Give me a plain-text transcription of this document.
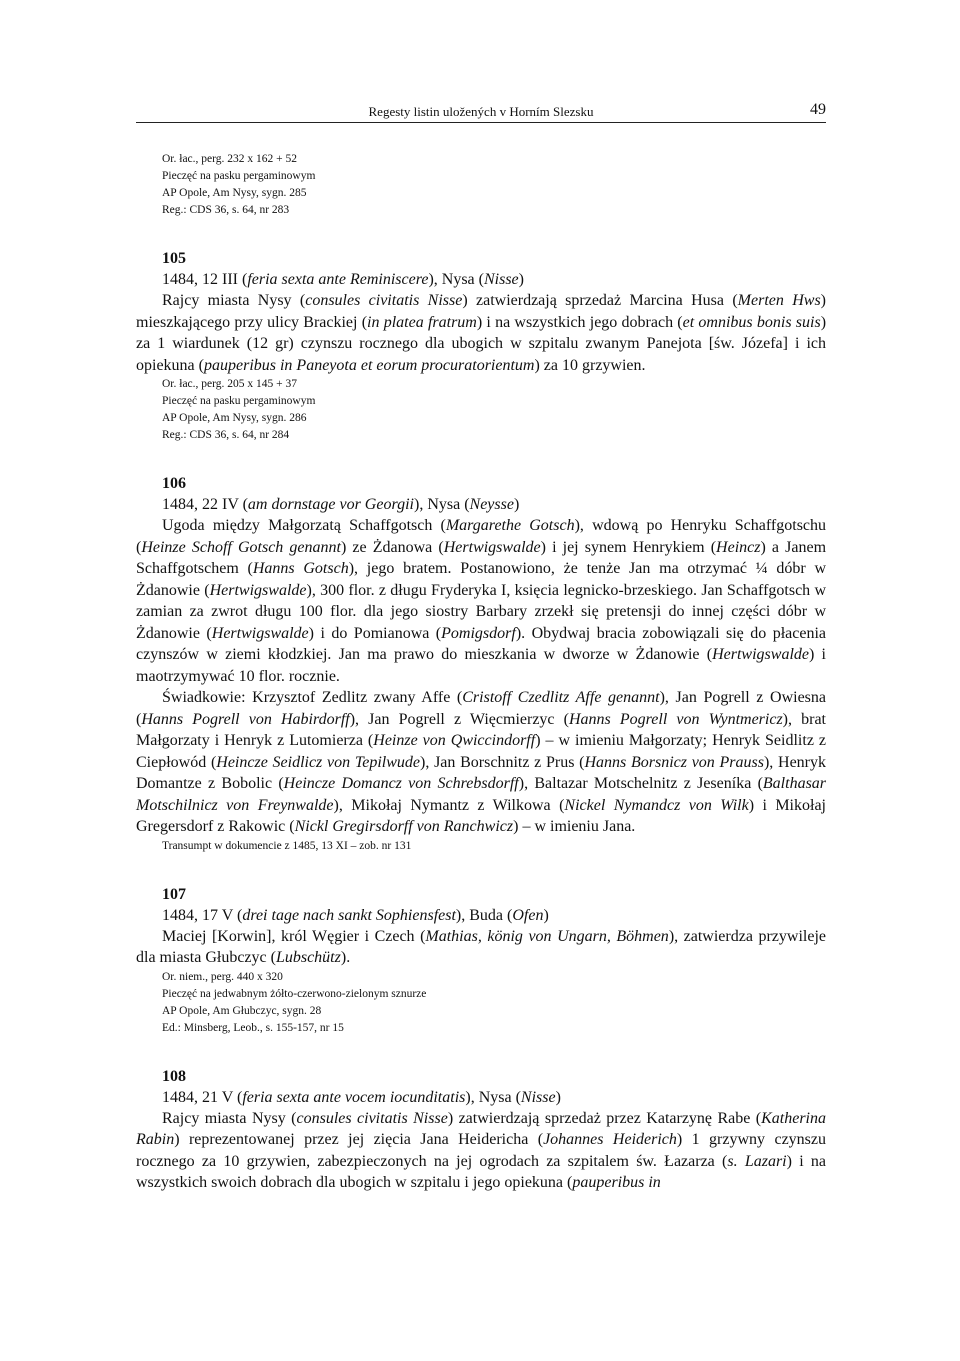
Regesty listin uložených v Horním Slezsku	49
Or. łac., perg. 232 x 162 + 52
Pieczęć na pasku pergaminowym
AP Opole, Am Nysy, sygn. 285
Reg.: CDS 36, s. 64, nr 283
105
1484, 12 III (feria sexta ante Reminiscere), Nysa (Nisse)

Rajcy miasta Nysy (consules civitatis Nisse) zatwierdzają sprzedaż Marcina Husa (Merten Hws) mieszkającego przy ulicy Brackiej (in platea fratrum) i na wszystkich jego dobrach (et omnibus bonis suis) za 1 wiardunek (12 gr) czynszu rocznego dla ubogich w szpitalu zwanym Panejota [św. Józefa] i ich opiekuna (pauperibus in Paneyota et eorum procuratorientum) za 10 grzywien.

Or. łac., perg. 205 x 145 + 37
Pieczęć na pasku pergaminowym
AP Opole, Am Nysy, sygn. 286
Reg.: CDS 36, s. 64, nr 284
106
1484, 22 IV (am dornstage vor Georgii), Nysa (Neysse)

Ugoda między Małgorzatą Schaffgotsch (Margarethe Gotsch), wdową po Henryku Schaffgotschu (Heinze Schoff Gotsch genannt) ze Żdanowa (Hertwigswalde) i jej synem Henrykiem (Heincz) a Janem Schaffgotschem (Hanns Gotsch), jego bratem. Postanowiono, że tenże Jan ma otrzymać ¼ dóbr w Żdanowie (Hertwigswalde), 300 flor. z długu Fryderyka I, księcia legnicko-brzeskiego. Jan Schaffgotsch w zamian za zwrot długu 100 flor. dla jego siostry Barbary zrzekł się pretensji do innej części dóbr w Żdanowie (Hertwigswalde) i do Pomianowa (Pomigsdorf). Obydwaj bracia zobowiązali się do płacenia czynszów w ziemi kłodzkiej. Jan ma prawo do mieszkania w dworze w Żdanowie (Hertwigswalde) i maotrzymywać 10 flor. rocznie.

Świadkowie: Krzysztof Zedlitz zwany Affe (Cristoff Czedlitz Affe genannt), Jan Pogrell z Owiesna (Hanns Pogrell von Habirdorff), Jan Pogrell z Więcmierzyc (Hanns Pogrell von Wyntmericz), brat Małgorzaty i Henryk z Lutomierza (Heinze von Qwiccindorff) – w imieniu Małgorzaty; Henryk Seidlitz z Ciepłowód (Heincze Seidlicz von Tepilwude), Jan Borschnitz z Prus (Hanns Borsnicz von Prauss), Henryk Domantze z Bobolic (Heincze Domancz von Schrebsdorff), Baltazar Motschelnitz z Jeseníka (Balthasar Motschilnicz von Freynwalde), Mikołaj Nymantz z Wilkowa (Nickel Nymandcz von Wilk) i Mikołaj Gregersdorf z Rakowic (Nickl Gregirsdorff von Ranchwicz) – w imieniu Jana.

Transumpt w dokumencie z 1485, 13 XI – zob. nr 131
107
1484, 17 V (drei tage nach sankt Sophiensfest), Buda (Ofen)

Maciej [Korwin], król Węgier i Czech (Mathias, könig von Ungarn, Böhmen), zatwierdza przywileje dla miasta Głubczyc (Lubschütz).

Or. niem., perg. 440 x 320
Pieczęć na jedwabnym żółto-czerwono-zielonym sznurze
AP Opole, Am Głubczyc, sygn. 28
Ed.: Minsberg, Leob., s. 155-157, nr 15
108
1484, 21 V (feria sexta ante vocem iocunditatis), Nysa (Nisse)

Rajcy miasta Nysy (consules civitatis Nisse) zatwierdzają sprzedaż przez Katarzynę Rabe (Katherina Rabin) reprezentowanej przez jej zięcia Jana Heidericha (Johannes Heiderich) 1 grzywny czynszu rocznego za 10 grzywien, zabezpieczonych na jej ogrodach za szpitalem św. Łazarza (s. Lazari) i na wszystkich swoich dobrach dla ubogich w szpitalu i jego opiekuna (pauperibus in
